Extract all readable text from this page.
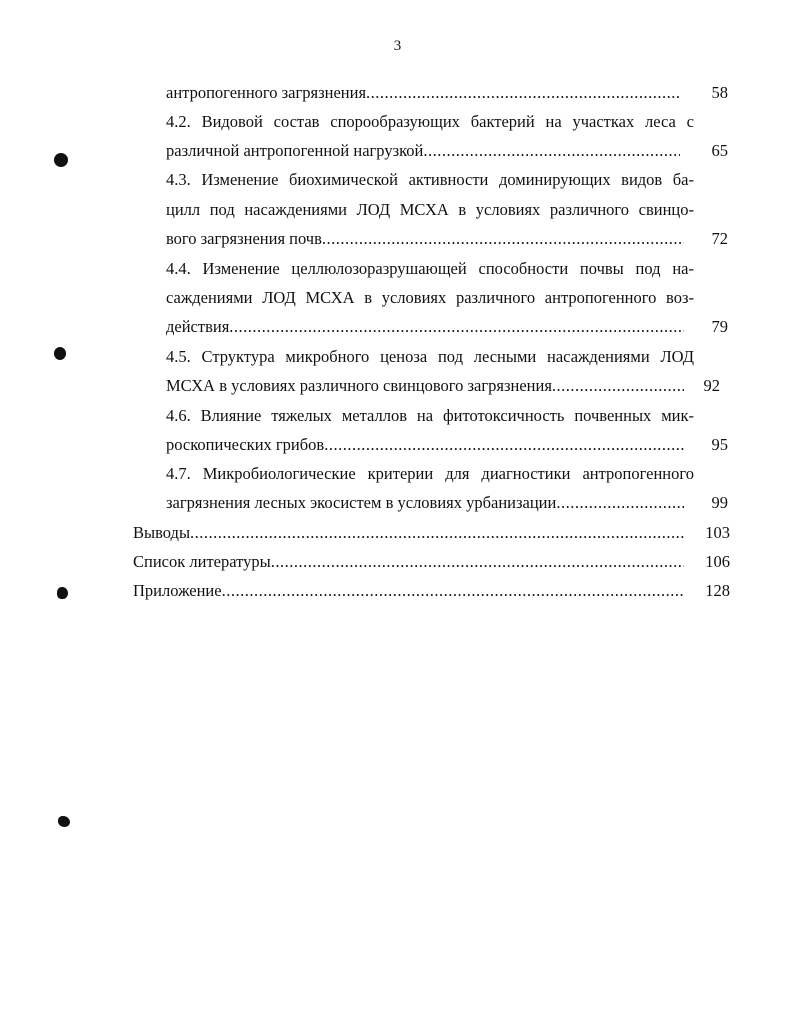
3
антропогенного загрязнения .....	58
4.2. Видовой состав спорообразующих бактерий на участках леса с
различной антропогенной нагрузкой .....	65
4.3. Изменение биохимической активности доминирующих видов ба-
цилл под насаждениями ЛОД МСХА в условиях различного свинцо-
вого загрязнения почв .....	72
4.4. Изменение целлюлозоразрушающей способности почвы под на-
саждениями ЛОД МСХА в условиях различного антропогенного воз-
действия .....	79
4.5. Структура микробного ценоза под лесными насаждениями ЛОД
МСХА в условиях различного свинцового загрязнения .....	92
4.6. Влияние тяжелых металлов на фитотоксичность почвенных мик-
роскопических грибов .....	95
4.7. Микробиологические критерии для диагностики антропогенного
загрязнения лесных экосистем в условиях урбанизации .....	99
Выводы .....	103
Список литературы .....	106
Приложение .....	128
